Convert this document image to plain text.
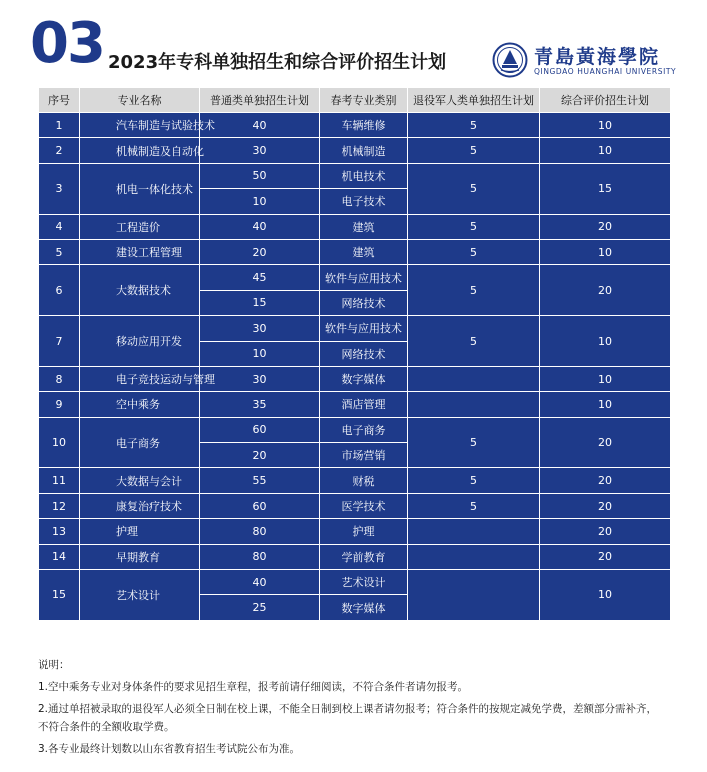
03 2023年专科单独招生和综合评价招生计划	青島黃海學院
QINGDAO HUANGHAI UNIVERSITY
序号	专业名称	普通类单独招生计划	春考专业类别	退役军人类单独招生计划	综合评价招生计划
1	汽车制造与试验技术	40	车辆维修	5	10
2	机械制造及自动化	30	机械制造	5	10
3	机电一体化技术	50	机电技术	5	15
		10	电子技术		
4	工程造价	40	建筑	5	20
5	建设工程管理	20	建筑	5	10
6	大数据技术	45	软件与应用技术	5	20
		15	网络技术		
7	移动应用开发	30	软件与应用技术	5	10
		10	网络技术		
8	电子竞技运动与管理	30	数字媒体		10
9	空中乘务	35	酒店管理		10
10	电子商务	60	电子商务	5	20
		20	市场营销		
11	大数据与会计	55	财税	5	20
12	康复治疗技术	60	医学技术	5	20
13	护理	80	护理		20
14	早期教育	80	学前教育		20
15	艺术设计	40	艺术设计		10
		25	数字媒体		

说明：

1.空中乘务专业对身体条件的要求见招生章程，报考前请仔细阅读，不符合条件者请勿报考。

2.通过单招被录取的退役军人必须全日制在校上课，不能全日制到校上课者请勿报考；符合条件的按规定减免学费，差额部分需补齐，

不符合条件的全额收取学费。

3.各专业最终计划数以山东省教育招生考试院公布为准。
